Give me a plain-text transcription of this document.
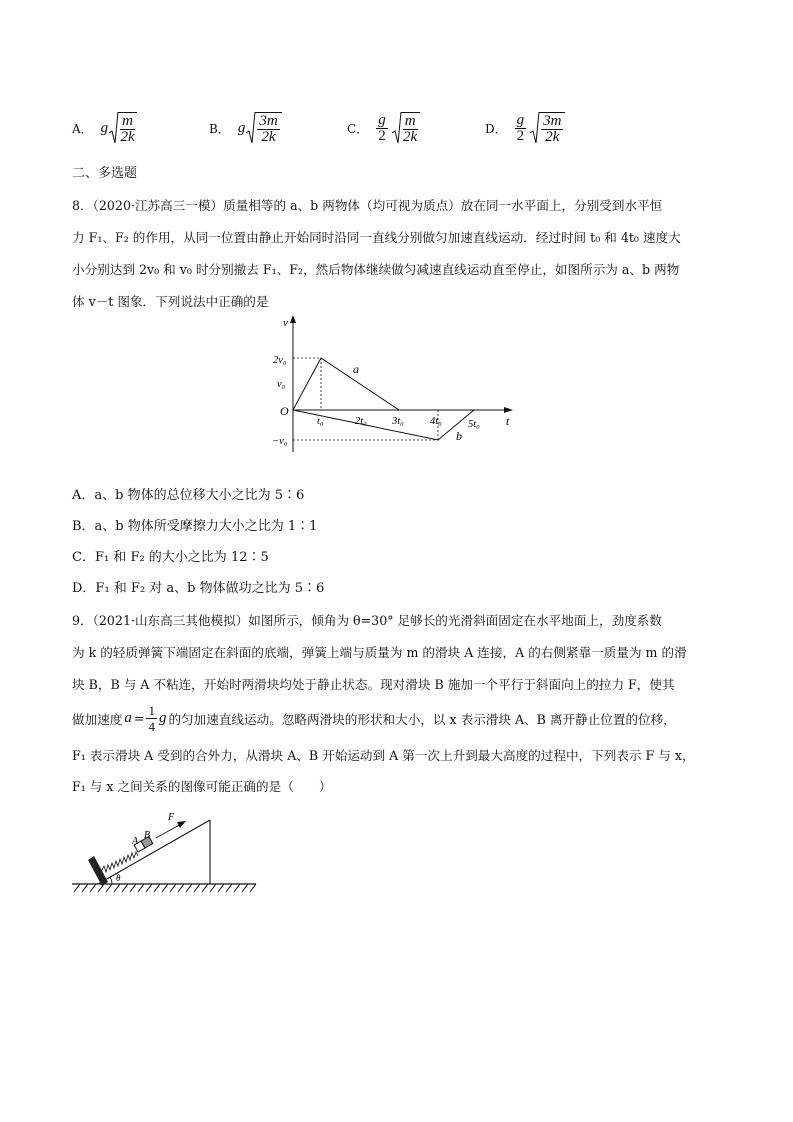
A． g $\frac{m}{2k}$	B． g $\frac{3m}{2k}$	C． $\frac{g}{2} \frac{m}{2k}$	D． $\frac{g}{2} \frac{3m}{2k}$
二、多选题
8．（2020·江苏高三一模）质量相等的 a、b 两物体（均可视为质点）放在同一水平面上，分别受到水平恒
力 F₁、F₂ 的作用，从同一位置由静止开始同时沿同一直线分别做匀加速直线运动．经过时间 t₀ 和 4t₀ 速度大
小分别达到 2v₀ 和 v₀ 时分别撤去 F₁、F₂，然后物体继续做匀减速直线运动直至停止，如图所示为 a、b 两物
体 v－t 图象．下列说法中正确的是
v
t
O
2v₀
v₀
−v₀
t₀	2t₀ 3t₀ 4t₀ 5t₀
a
b
A．a、b 物体的总位移大小之比为 5∶6
B．a、b 物体所受摩擦力大小之比为 1∶1
C．F₁ 和 F₂ 的大小之比为 12∶5
D．F₁ 和 F₂ 对 a、b 物体做功之比为 5∶6
9．（2021·山东高三其他模拟）如图所示，倾角为 θ=30° 足够长的光滑斜面固定在水平地面上，劲度系数
为 k 的轻质弹簧下端固定在斜面的底端，弹簧上端与质量为 m 的滑块 A 连接，A 的右侧紧靠一质量为 m 的滑
块 B，B 与 A 不粘连，开始时两滑块均处于静止状态。现对滑块 B 施加一个平行于斜面向上的拉力 F，使其
做加速度 $a = \frac{1}{4}$ g 的匀加速直线运动。忽略两滑块的形状和大小，以 x 表示滑块 A、B 离开静止位置的位移，
F₁ 表示滑块 A 受到的合外力，从滑块 A、B 开始运动到 A 第一次上升到最大高度的过程中，下列表示 F 与 x，
F₁ 与 x 之间关系的图像可能正确的是（　　）
A
B
F
θ
